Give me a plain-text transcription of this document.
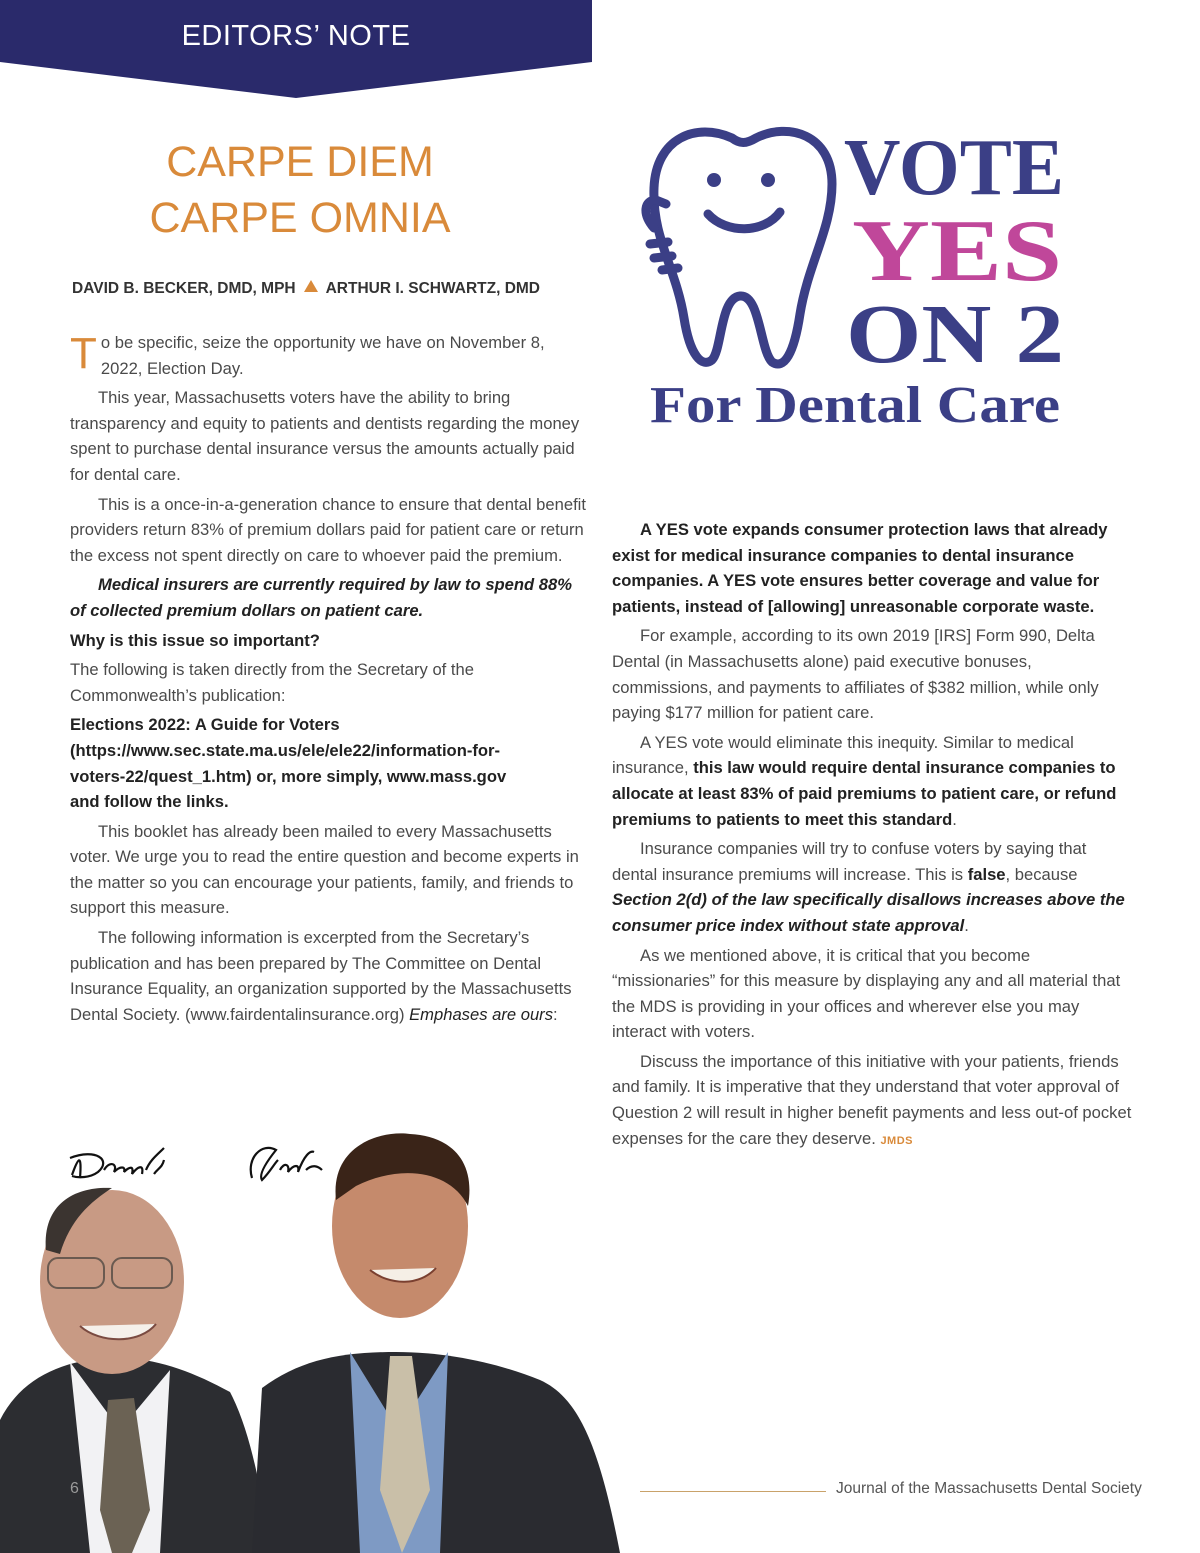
EDITORS’ NOTE
CARPE DIEM
CARPE OMNIA
DAVID B. BECKER, DMD, MPH ARTHUR I. SCHWARTZ, DMD

To be specific, seize the opportunity we have on November 8, 2022, Election Day.

This year, Massachusetts voters have the ability to bring transparency and equity to patients and dentists regarding the money spent to purchase dental insurance versus the amounts actually paid for dental care.

This is a once-in-a-generation chance to ensure that dental benefit providers return 83% of premium dollars paid for patient care or return the excess not spent directly on care to whoever paid the premium.

Medical insurers are currently required by law to spend 88% of collected premium dollars on patient care.

Why is this issue so important?

The following is taken directly from the Secretary of the Commonwealth’s publication:

Elections 2022: A Guide for Voters (https://www.sec.state.ma.us/ele/ele22/information-for-voters-22/quest_1.htm) or, more simply, www.mass.gov and follow the links.

This booklet has already been mailed to every Massachusetts voter. We urge you to read the entire question and become experts in the matter so you can encourage your patients, family, and friends to support this measure.

The following information is excerpted from the Secretary’s publication and has been prepared by The Committee on Dental Insurance Equality, an organization supported by the Massachusetts Dental Society. (www.fairdentalinsurance.org) Emphases are ours:

VOTE
YES
ON 2
For Dental Care

A YES vote expands consumer protection laws that already exist for medical insurance companies to dental insurance companies. A YES vote ensures better coverage and value for patients, instead of [allowing] unreasonable corporate waste.

For example, according to its own 2019 [IRS] Form 990, Delta Dental (in Massachusetts alone) paid executive bonuses, commissions, and payments to affiliates of $382 million, while only paying $177 million for patient care.

A YES vote would eliminate this inequity. Similar to medical insurance, this law would require dental insurance companies to allocate at least 83% of paid premiums to patient care, or refund premiums to patients to meet this standard.

Insurance companies will try to confuse voters by saying that dental insurance premiums will increase. This is false, because Section 2(d) of the law specifically disallows increases above the consumer price index without state approval.

As we mentioned above, it is critical that you become “missionaries” for this measure by displaying any and all material that the MDS is providing in your offices and wherever else you may interact with voters.

Discuss the importance of this initiative with your patients, friends and family. It is imperative that they understand that voter approval of Question 2 will result in higher benefit payments and less out-of pocket expenses for the care they deserve. JMDS

6	Journal of the Massachusetts Dental Society
